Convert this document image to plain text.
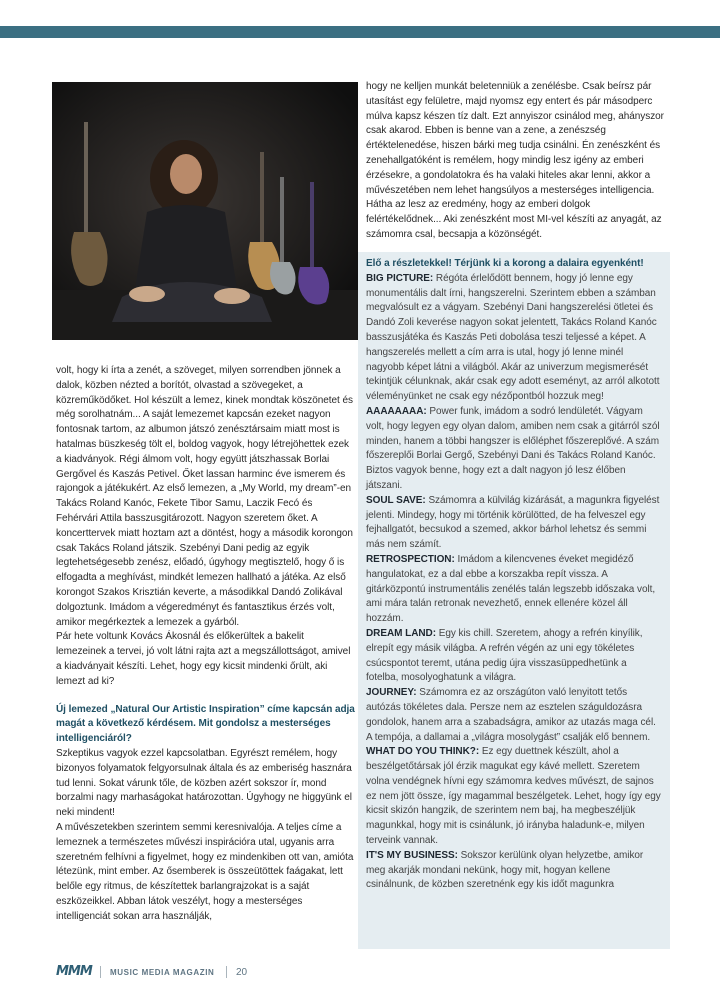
hogy ne kelljen munkát beletenniük a zenélésbe. Csak beírsz pár utasítást egy felületre, majd nyomsz egy entert és pár másodperc múlva kapsz készen tíz dalt. Ezt annyiszor csinálod meg, ahányszor csak akarod. Ebben is benne van a zene, a zenészség értéktelenedése, hiszen bárki meg tudja csinálni. Én zenészként és zenehallgatóként is remélem, hogy mindig lesz igény az emberi érzésekre, a gondolatokra és ha valaki hiteles akar lenni, akkor a művészetében nem lehet hangsúlyos a mesterséges intelligencia. Hátha az lesz az eredmény, hogy az emberi dolgok felértékelődnek... Aki zenészként most MI-vel készíti az anyagát, az számomra csal, becsapja a közönségét.

volt, hogy ki írta a zenét, a szöveget, milyen sorrendben jönnek a dalok, közben nézted a borítót, olvastad a szövegeket, a közreműködőket. Hol készült a lemez, kinek mondtak köszönetet és még sorolhatnám... A saját lemezemet kapcsán ezeket nagyon fontosnak tartom, az albumon játszó zenésztársaim miatt most is hatalmas büszkeség tölt el, boldog vagyok, hogy létrejöhettek ezek a kiadványok. Régi álmom volt, hogy együtt játszhassak Borlai Gergővel és Kaszás Petivel. Őket lassan harminc éve ismerem és rajongok a játékukért. Az első lemezen, a „My World, my dream”-en Takács Roland Kanóc, Fekete Tibor Samu, Laczik Fecó és Fehérvári Attila basszusgitározott. Nagyon szeretem őket. A koncerttervek miatt hoztam azt a döntést, hogy a második korongon csak Takács Roland játszik. Szebényi Dani pedig az egyik legtehetségesebb zenész, előadó, úgyhogy megtisztelő, hogy ő is elfogadta a meghívást, mindkét lemezen hallható a játéka. Az első korongot Szakos Krisztián keverte, a másodikkal Dandó Zolikával dolgoztunk. Imádom a végeredményt és fantasztikus érzés volt, amikor megérkeztek a lemezek a gyárból.

Pár hete voltunk Kovács Ákosnál és előkerültek a bakelit lemezeinek a tervei, jó volt látni rajta azt a megszállottságot, amivel a kiadványait készíti. Lehet, hogy egy kicsit mindenki őrült, aki lemezt ad ki?

Új lemezed „Natural Our Artistic Inspiration” címe kapcsán adja magát a következő kérdésem. Mit gondolsz a mesterséges intelligenciáról?

Szkeptikus vagyok ezzel kapcsolatban. Egyrészt remélem, hogy bizonyos folyamatok felgyorsulnak általa és az emberiség hasznára tud lenni. Sokat várunk tőle, de közben azért sokszor ír, mond borzalmi nagy marhaságokat határozottan. Úgyhogy ne higgyünk el neki mindent!

A művészetekben szerintem semmi keresnivalója. A teljes címe a lemeznek a természetes művészi inspirációra utal, ugyanis arra szeretném felhívni a figyelmet, hogy ez mindenkiben ott van, amióta létezünk, mint ember. Az ősemberek is összeütöttek faágakat, lett belőle egy ritmus, de készítettek barlangrajzokat is a saját eszközeikkel. Abban látok veszélyt, hogy a mesterséges intelligenciát sokan arra használják,

Elő a részletekkel! Térjünk ki a korong a dalaira egyenként!

BIG PICTURE: Régóta érlelődött bennem, hogy jó lenne egy monumentális dalt írni, hangszerelni. Szerintem ebben a számban megvalósult ez a vágyam. Szebényi Dani hangszerelési ötletei és Dandó Zoli keverése nagyon sokat jelentett, Takács Roland Kanóc basszusjátéka és Kaszás Peti dobolása teszi teljessé a képet. A hangszerelés mellett a cím arra is utal, hogy jó lenne minél nagyobb képet látni a világból. Akár az univerzum megismerését tekintjük célunknak, akár csak egy adott eseményt, az arról alkotott véleményünket ne csak egy nézőpontból hozzuk meg!

AAAAAAAA: Power funk, imádom a sodró lendületét. Vágyam volt, hogy legyen egy olyan dalom, amiben nem csak a gitárról szól minden, hanem a többi hangszer is előléphet főszereplővé. A szám főszereplői Borlai Gergő, Szebényi Dani és Takács Roland Kanóc. Biztos vagyok benne, hogy ezt a dalt nagyon jó lesz élőben játszani.

SOUL SAVE: Számomra a külvilág kizárását, a magunkra figyelést jelenti. Mindegy, hogy mi történik körülötted, de ha felveszel egy fejhallgatót, becsukod a szemed, akkor bárhol lehetsz és semmi más nem számít.

RETROSPECTION: Imádom a kilencvenes éveket megidéző hangulatokat, ez a dal ebbe a korszakba repít vissza. A gitárközpontú instrumentális zenélés talán legszebb időszaka volt, ami mára talán retronak nevezhető, ennek ellenére közel áll hozzám.

DREAM LAND: Egy kis chill. Szeretem, ahogy a refrén kinyílik, elrepít egy másik világba. A refrén végén az uni egy tökéletes csúcspontot teremt, utána pedig újra visszasüppedhetünk a fotelba, mosolyoghatunk a világra.

JOURNEY: Számomra ez az országúton való lenyitott tetős autózás tökéletes dala. Persze nem az esztelen száguldozásra gondolok, hanem arra a szabadságra, amikor az utazás maga cél. A tempója, a dallamai a „világra mosolygást” csalják elő bennem.

WHAT DO YOU THINK?: Ez egy duettnek készült, ahol a beszélgetőtársak jól érzik magukat egy kávé mellett. Szeretem volna vendégnek hívni egy számomra kedves művészt, de sajnos ez nem jött össze, így magammal beszélgetek. Lehet, hogy így egy kicsit skizón hangzik, de szerintem nem baj, ha megbeszéljük magunkkal, hogy mit is csinálunk, jó irányba haladunk-e, milyen terveink vannak.

IT'S MY BUSINESS: Sokszor kerülünk olyan helyzetbe, amikor meg akarják mondani nekünk, hogy mit, hogyan kellene csinálnunk, de közben szeretnénk egy kis időt magunkra

MMM MUSIC MEDIA MAGAZIN 20
